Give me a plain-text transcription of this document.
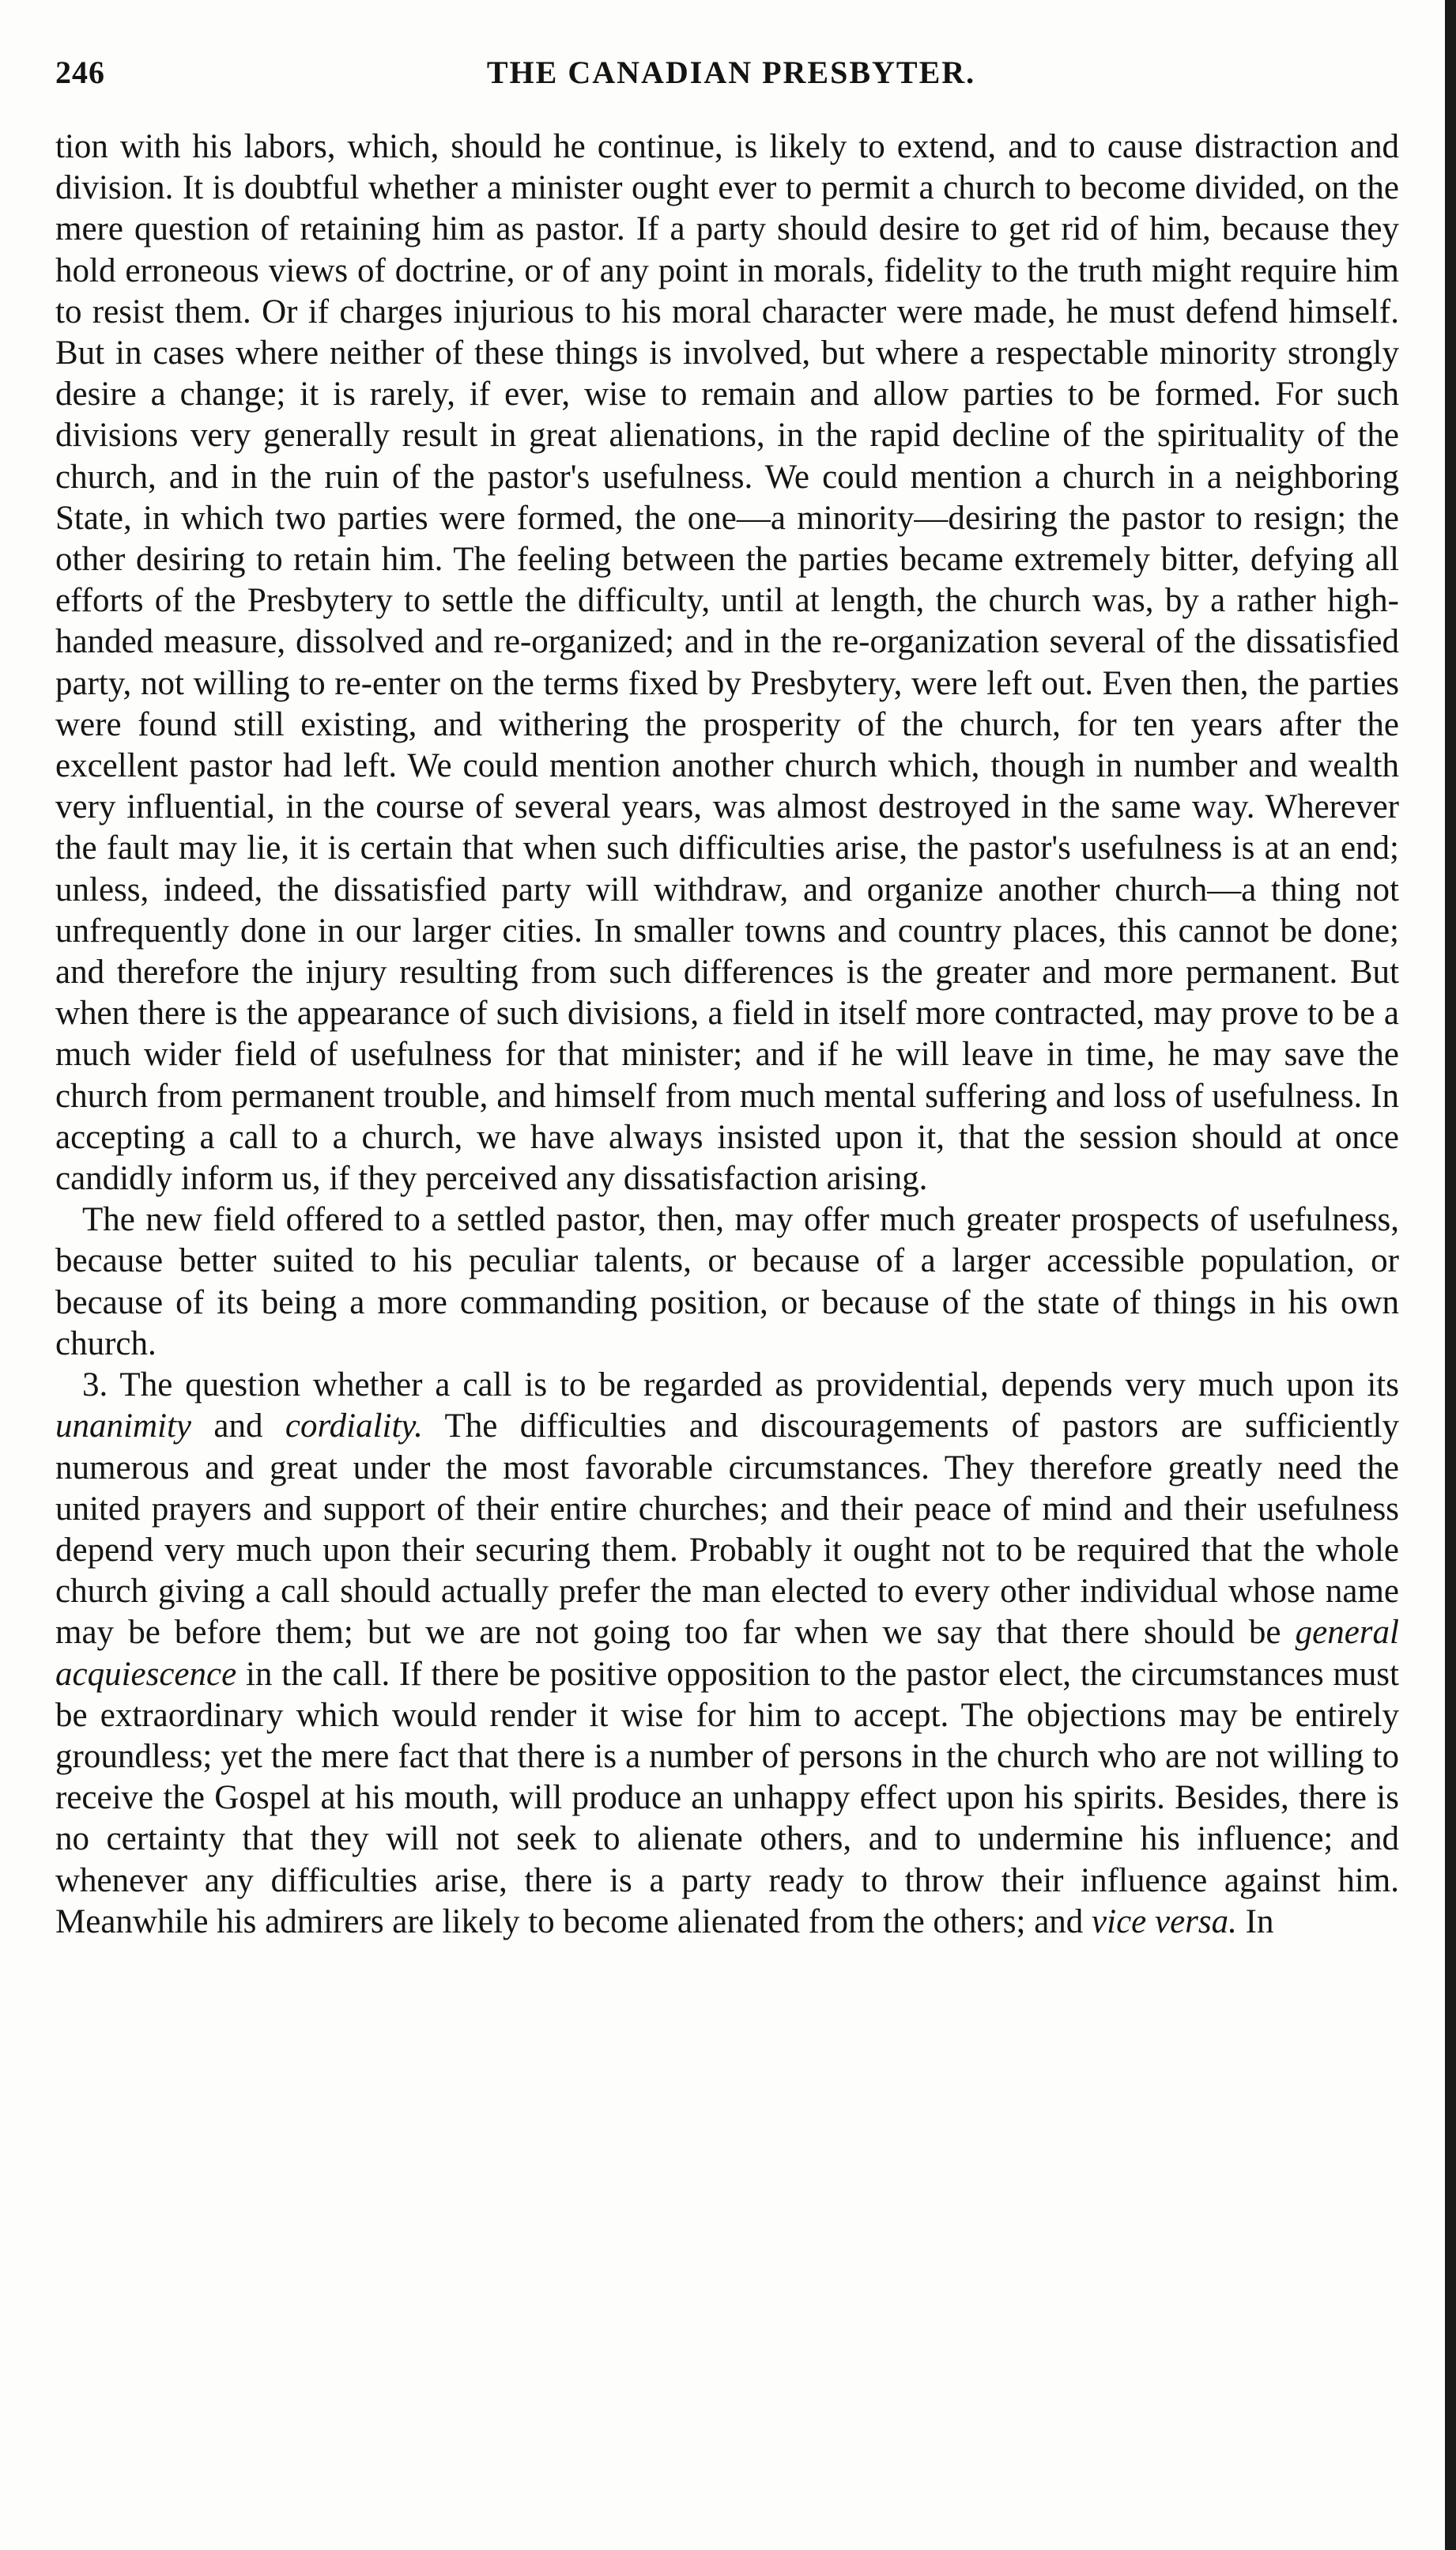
246	THE CANADIAN PRESBYTER.

tion with his labors, which, should he continue, is likely to extend, and to cause distraction and division. It is doubtful whether a minister ought ever to permit a church to become divided, on the mere question of retaining him as pastor. If a party should desire to get rid of him, because they hold erroneous views of doctrine, or of any point in morals, fidelity to the truth might require him to resist them. Or if charges injurious to his moral character were made, he must defend himself. But in cases where neither of these things is involved, but where a respectable minority strongly desire a change; it is rarely, if ever, wise to remain and allow parties to be formed. For such divisions very generally result in great alienations, in the rapid decline of the spirituality of the church, and in the ruin of the pastor's usefulness. We could mention a church in a neighboring State, in which two parties were formed, the one—a minority—desiring the pastor to resign; the other desiring to retain him. The feeling between the parties became extremely bitter, defying all efforts of the Presbytery to settle the difficulty, until at length, the church was, by a rather high-handed measure, dissolved and re-organized; and in the re-organization several of the dissatisfied party, not willing to re-enter on the terms fixed by Presbytery, were left out. Even then, the parties were found still existing, and withering the prosperity of the church, for ten years after the excellent pastor had left. We could mention another church which, though in number and wealth very influential, in the course of several years, was almost destroyed in the same way. Wherever the fault may lie, it is certain that when such difficulties arise, the pastor's usefulness is at an end; unless, indeed, the dissatisfied party will withdraw, and organize another church—a thing not unfrequently done in our larger cities. In smaller towns and country places, this cannot be done; and therefore the injury resulting from such differences is the greater and more permanent. But when there is the appearance of such divisions, a field in itself more contracted, may prove to be a much wider field of usefulness for that minister; and if he will leave in time, he may save the church from permanent trouble, and himself from much mental suffering and loss of usefulness. In accepting a call to a church, we have always insisted upon it, that the session should at once candidly inform us, if they perceived any dissatisfaction arising.

The new field offered to a settled pastor, then, may offer much greater prospects of usefulness, because better suited to his peculiar talents, or because of a larger accessible population, or because of its being a more commanding position, or because of the state of things in his own church.

3. The question whether a call is to be regarded as providential, depends very much upon its unanimity and cordiality. The difficulties and discouragements of pastors are sufficiently numerous and great under the most favorable circumstances. They therefore greatly need the united prayers and support of their entire churches; and their peace of mind and their usefulness depend very much upon their securing them. Probably it ought not to be required that the whole church giving a call should actually prefer the man elected to every other individual whose name may be before them; but we are not going too far when we say that there should be general acquiescence in the call. If there be positive opposition to the pastor elect, the circumstances must be extraordinary which would render it wise for him to accept. The objections may be entirely groundless; yet the mere fact that there is a number of persons in the church who are not willing to receive the Gospel at his mouth, will produce an unhappy effect upon his spirits. Besides, there is no certainty that they will not seek to alienate others, and to undermine his influence; and whenever any difficulties arise, there is a party ready to throw their influence against him. Meanwhile his admirers are likely to become alienated from the others; and vice versa. In
